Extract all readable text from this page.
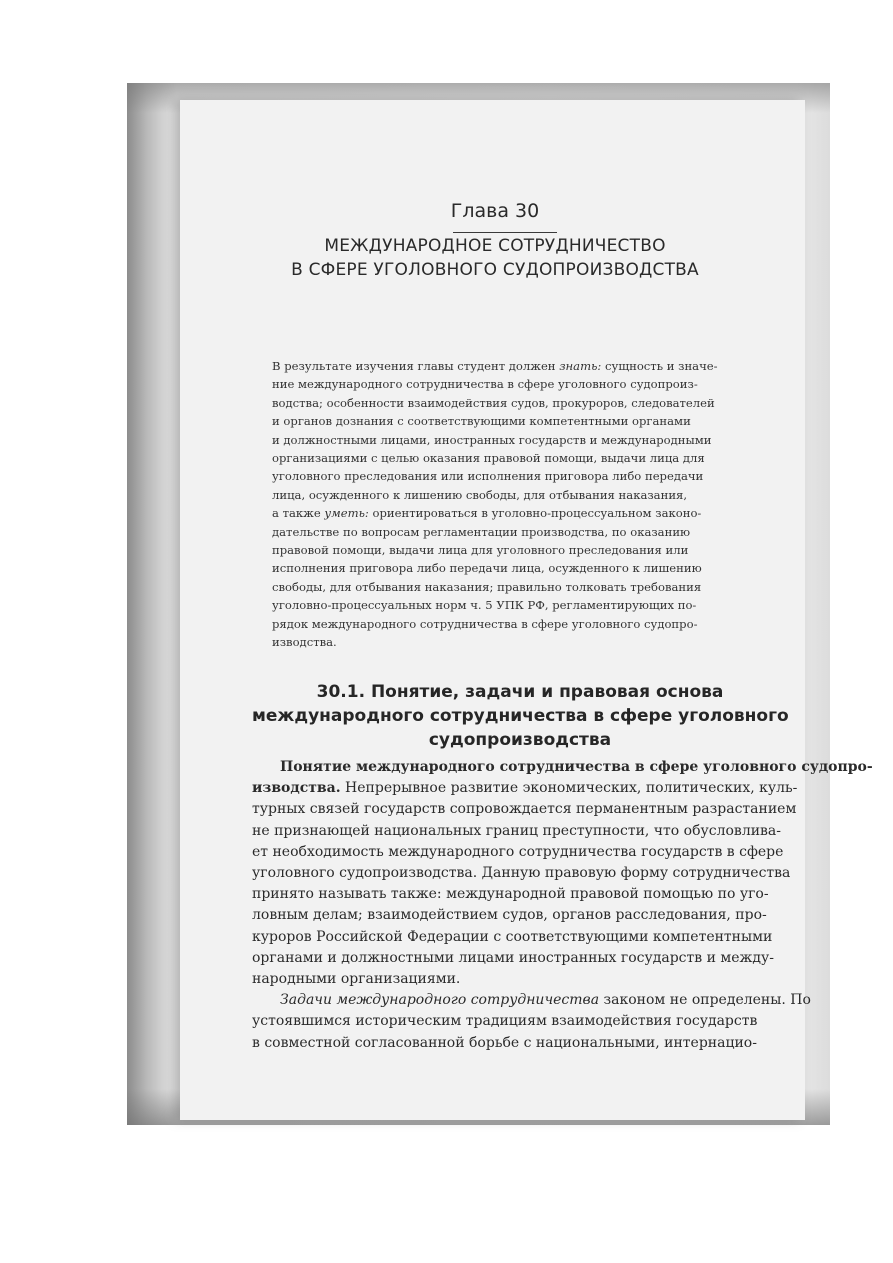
Глава 30
МЕЖДУНАРОДНОЕ СОТРУДНИЧЕСТВО
В СФЕРЕ УГОЛОВНОГО СУДОПРОИЗВОДСТВА
В результате изучения главы студент должен знать: сущность и значе-
ние международного сотрудничества в сфере уголовного судопроиз-
водства; особенности взаимодействия судов, прокуроров, следователей
и органов дознания с соответствующими компетентными органами
и должностными лицами, иностранных государств и международными
организациями с целью оказания правовой помощи, выдачи лица для
уголовного преследования или исполнения приговора либо передачи
лица, осужденного к лишению свободы, для отбывания наказания,
а также уметь: ориентироваться в уголовно-процессуальном законо-
дательстве по вопросам регламентации производства, по оказанию
правовой помощи, выдачи лица для уголовного преследования или
исполнения приговора либо передачи лица, осужденного к лишению
свободы, для отбывания наказания; правильно толковать требования
уголовно-процессуальных норм ч. 5 УПК РФ, регламентирующих по-
рядок международного сотрудничества в сфере уголовного судопро-
изводства.
30.1. Понятие, задачи и правовая основа
международного сотрудничества в сфере уголовного
судопроизводства
Понятие международного сотрудничества в сфере уголовного судопро-
изводства. Непрерывное развитие экономических, политических, куль-
турных связей государств сопровождается перманентным разрастанием
не признающей национальных границ преступности, что обусловлива-
ет необходимость международного сотрудничества государств в сфере
уголовного судопроизводства. Данную правовую форму сотрудничества
принято называть также: международной правовой помощью по уго-
ловным делам; взаимодействием судов, органов расследования, про-
куроров Российской Федерации с соответствующими компетентными
органами и должностными лицами иностранных государств и между-
народными организациями.
Задачи международного сотрудничества законом не определены. По
устоявшимся историческим традициям взаимодействия государств
в совместной согласованной борьбе с национальными, интернацио-
